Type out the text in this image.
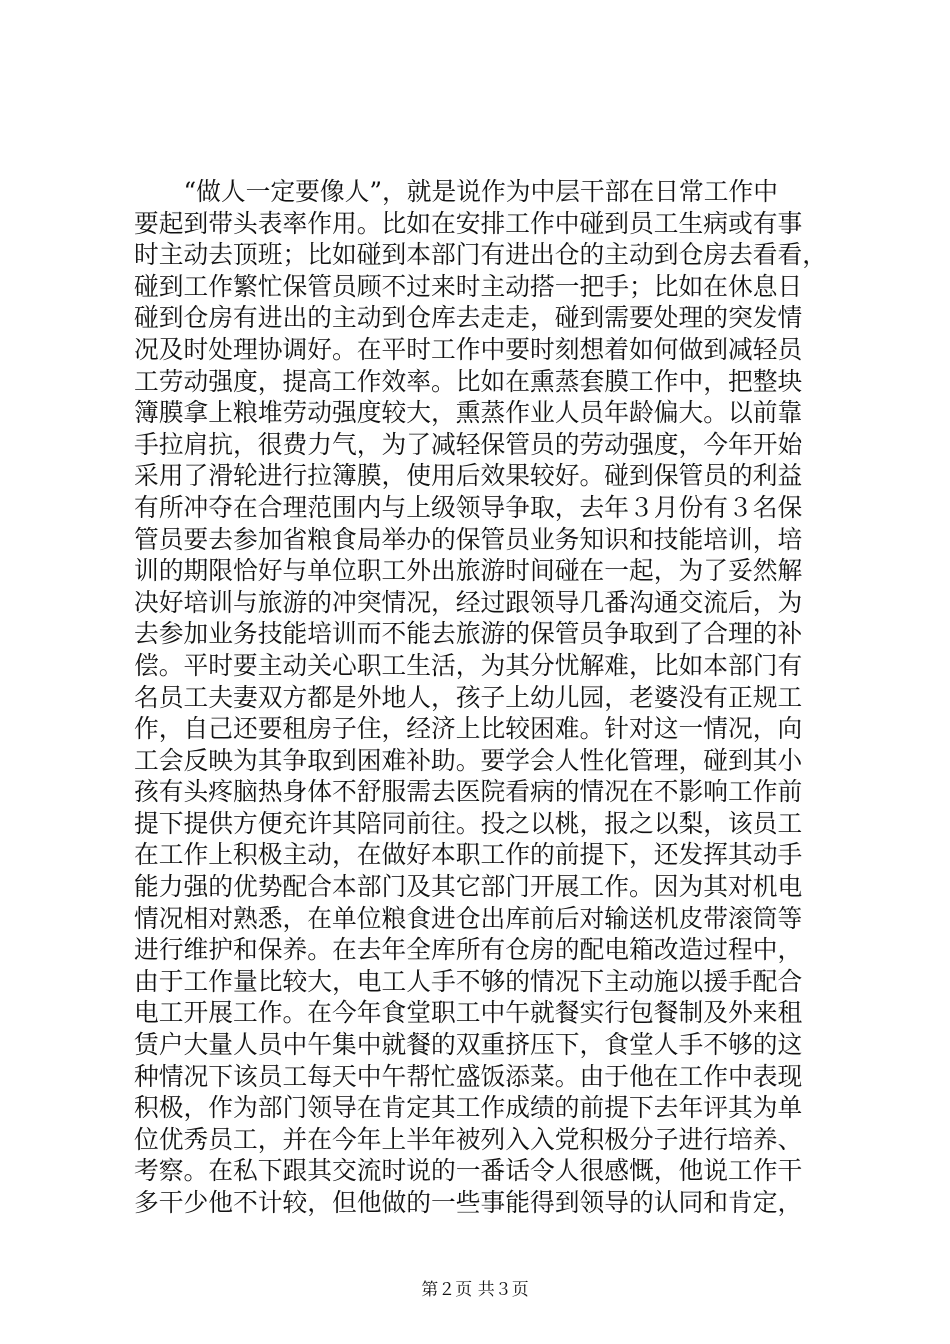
　　“做人一定要像人”，就是说作为中层干部在日常工作中
要起到带头表率作用。比如在安排工作中碰到员工生病或有事
时主动去顶班；比如碰到本部门有进出仓的主动到仓房去看看，
碰到工作繁忙保管员顾不过来时主动搭一把手；比如在休息日
碰到仓房有进出的主动到仓库去走走，碰到需要处理的突发情
况及时处理协调好。在平时工作中要时刻想着如何做到减轻员
工劳动强度，提高工作效率。比如在熏蒸套膜工作中，把整块
簿膜拿上粮堆劳动强度较大，熏蒸作业人员年龄偏大。以前靠
手拉肩抗，很费力气，为了减轻保管员的劳动强度，今年开始
采用了滑轮进行拉簿膜，使用后效果较好。碰到保管员的利益
有所冲夺在合理范围内与上级领导争取，去年３月份有３名保
管员要去参加省粮食局举办的保管员业务知识和技能培训，培
训的期限恰好与单位职工外出旅游时间碰在一起，为了妥然解
决好培训与旅游的冲突情况，经过跟领导几番沟通交流后，为
去参加业务技能培训而不能去旅游的保管员争取到了合理的补
偿。平时要主动关心职工生活，为其分忧解难，比如本部门有
名员工夫妻双方都是外地人，孩子上幼儿园，老婆没有正规工
作，自己还要租房子住，经济上比较困难。针对这一情况，向
工会反映为其争取到困难补助。要学会人性化管理，碰到其小
孩有头疼脑热身体不舒服需去医院看病的情况在不影响工作前
提下提供方便充许其陪同前往。投之以桃，报之以梨，该员工
在工作上积极主动，在做好本职工作的前提下，还发挥其动手
能力强的优势配合本部门及其它部门开展工作。因为其对机电
情况相对熟悉，在单位粮食进仓出库前后对输送机皮带滚筒等
进行维护和保养。在去年全库所有仓房的配电箱改造过程中，
由于工作量比较大，电工人手不够的情况下主动施以援手配合
电工开展工作。在今年食堂职工中午就餐实行包餐制及外来租
赁户大量人员中午集中就餐的双重挤压下，食堂人手不够的这
种情况下该员工每天中午帮忙盛饭添菜。由于他在工作中表现
积极，作为部门领导在肯定其工作成绩的前提下去年评其为单
位优秀员工，并在今年上半年被列入入党积极分子进行培养、
考察。在私下跟其交流时说的一番话令人很感慨，他说工作干
多干少他不计较，但他做的一些事能得到领导的认同和肯定，
第２页 共３页
